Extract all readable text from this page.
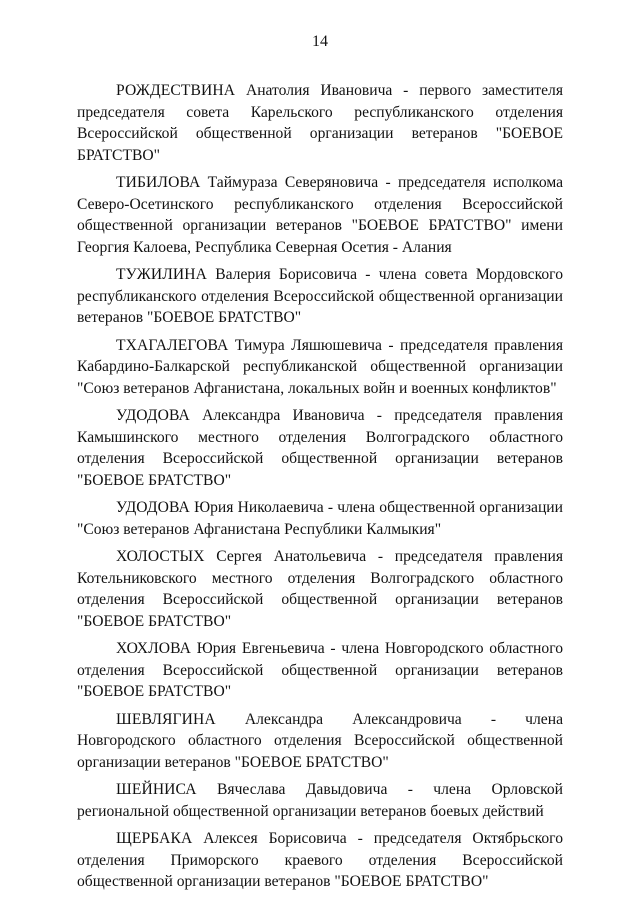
14

РОЖДЕСТВИНА Анатолия Ивановича - первого заместителя председателя совета Карельского республиканского отделения Всероссийской общественной организации ветеранов "БОЕВОЕ БРАТСТВО"

ТИБИЛОВА Таймураза Северяновича - председателя исполкома Северо-Осетинского республиканского отделения Всероссийской общественной организации ветеранов "БОЕВОЕ БРАТСТВО" имени Георгия Калоева, Республика Северная Осетия - Алания

ТУЖИЛИНА Валерия Борисовича - члена совета Мордовского республиканского отделения Всероссийской общественной организации ветеранов "БОЕВОЕ БРАТСТВО"

ТХАГАЛЕГОВА Тимура Ляшюшевича - председателя правления Кабардино-Балкарской республиканской общественной организации "Союз ветеранов Афганистана, локальных войн и военных конфликтов"

УДОДОВА Александра Ивановича - председателя правления Камышинского местного отделения Волгоградского областного отделения Всероссийской общественной организации ветеранов "БОЕВОЕ БРАТСТВО"

УДОДОВА Юрия Николаевича - члена общественной организации "Союз ветеранов Афганистана Республики Калмыкия"

ХОЛОСТЫХ Сергея Анатольевича - председателя правления Котельниковского местного отделения Волгоградского областного отделения Всероссийской общественной организации ветеранов "БОЕВОЕ БРАТСТВО"

ХОХЛОВА Юрия Евгеньевича - члена Новгородского областного отделения Всероссийской общественной организации ветеранов "БОЕВОЕ БРАТСТВО"

ШЕВЛЯГИНА Александра Александровича - члена Новгородского областного отделения Всероссийской общественной организации ветеранов "БОЕВОЕ БРАТСТВО"

ШЕЙНИСА Вячеслава Давыдовича - члена Орловской региональной общественной организации ветеранов боевых действий

ЩЕРБАКА Алексея Борисовича - председателя Октябрьского отделения Приморского краевого отделения Всероссийской общественной организации ветеранов "БОЕВОЕ БРАТСТВО"
